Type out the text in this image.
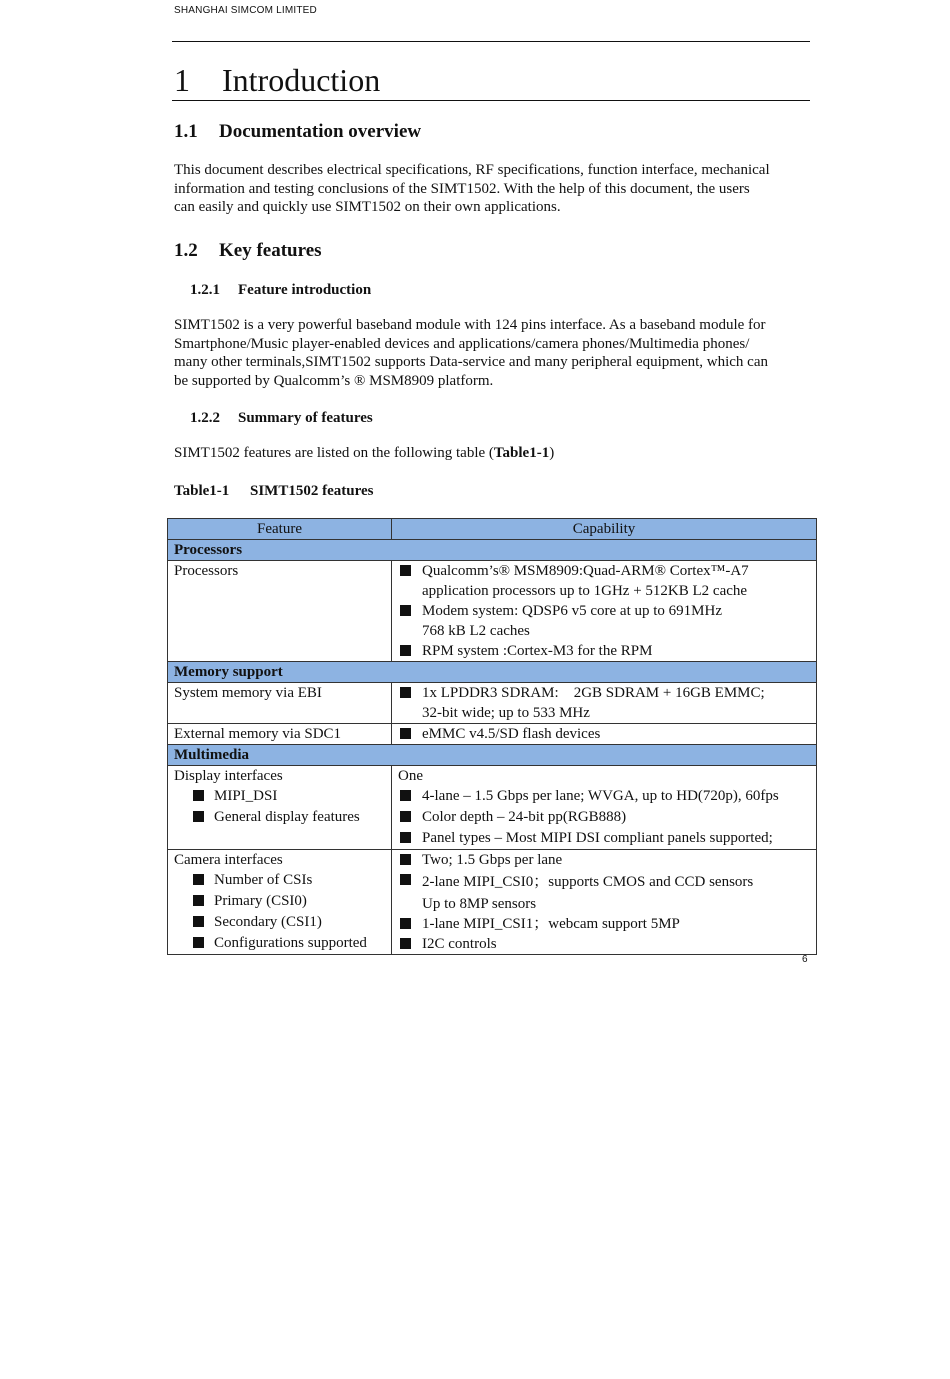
SHANGHAI SIMCOM LIMITED
1 Introduction
1.1 Documentation overview
This document describes electrical specifications, RF specifications, function interface, mechanical
information and testing conclusions of the SIMT1502. With the help of this document, the users
can easily and quickly use SIMT1502 on their own applications.
1.2 Key features
1.2.1 Feature introduction
SIMT1502 is a very powerful baseband module with 124 pins interface. As a baseband module for
Smartphone/Music player-enabled devices and applications/camera phones/Multimedia phones/
many other terminals,SIMT1502 supports Data-service and many peripheral equipment, which can
be supported by Qualcomm’s ® MSM8909 platform.
1.2.2 Summary of features
SIMT1502 features are listed on the following table (Table1-1)
Table1-1 SIMT1502 features
Feature	Capability
Processors	
Processors	Qualcomm’s® MSM8909:Quad-ARM® Cortex™-A7
application processors up to 1GHz + 512KB L2 cache
Modem system: QDSP6 v5 core at up to 691MHz
768 kB L2 caches
RPM system :Cortex-M3 for the RPM

Memory support	
System memory via EBI	1x LPDDR3 SDRAM:    2GB SDRAM + 16GB EMMC;
32-bit wide; up to 533 MHz

External memory via SDC1	eMMC v4.5/SD flash devices

Multimedia	

Display interfaces
MIPI_DSI
General display features	One
4-lane – 1.5 Gbps per lane; WVGA, up to HD(720p), 60fps
Color depth – 24-bit pp(RGB888)
Panel types – Most MIPI DSI compliant panels supported;

Camera interfaces
Number of CSIs
Primary (CSI0)
Secondary (CSI1)
Configurations supported	Two; 1.5 Gbps per lane
2-lane MIPI_CSI0；supports CMOS and CCD sensors
Up to 8MP sensors
1-lane MIPI_CSI1；webcam support 5MP
I2C controls
6
